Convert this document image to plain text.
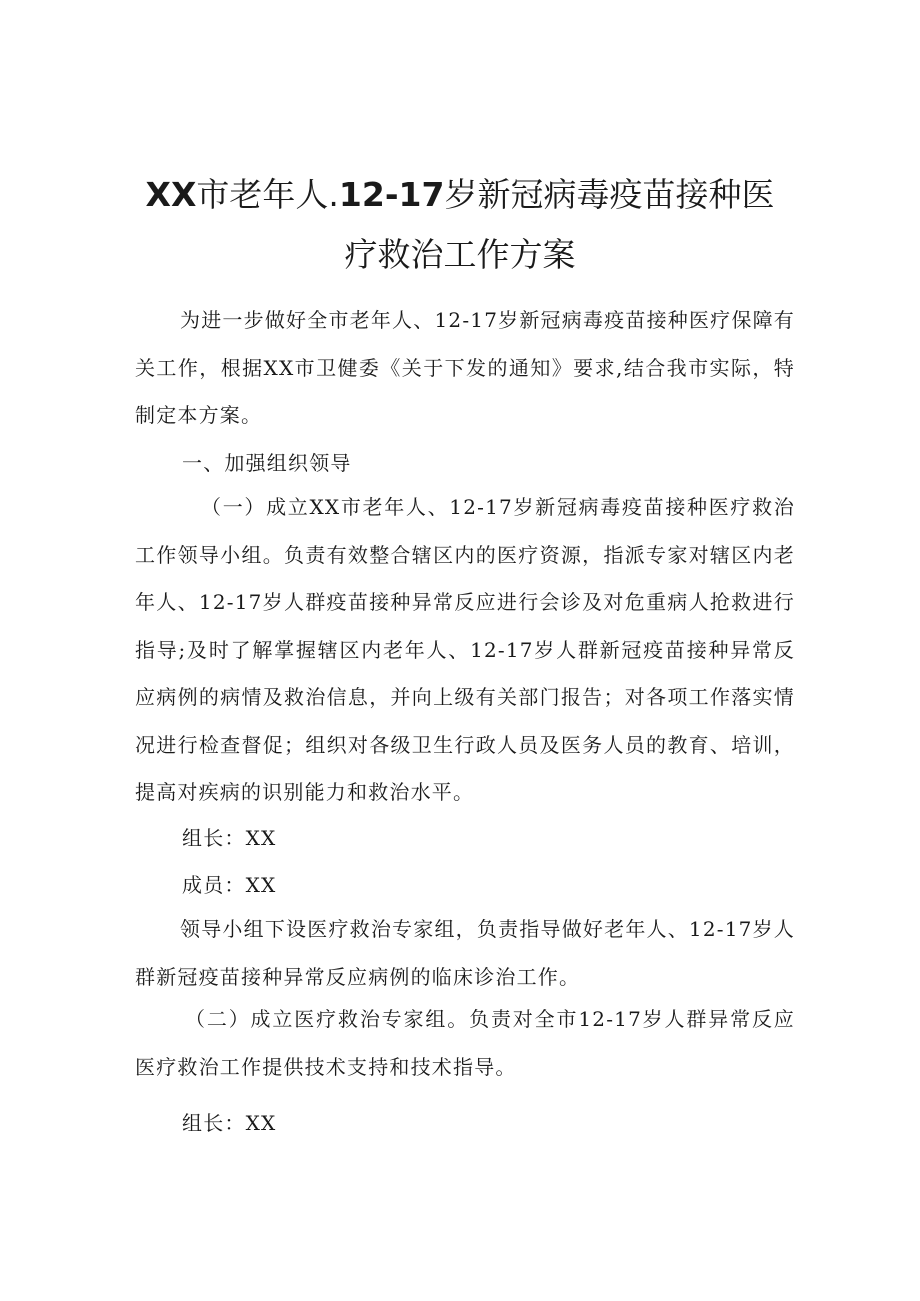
XX市老年人.12-17岁新冠病毒疫苗接种医
疗救治工作方案

为进一步做好全市老年人、12-17岁新冠病毒疫苗接种医疗保障有关工作，根据XX市卫健委《关于下发的通知》要求,结合我市实际，特制定本方案。

一、加强组织领导

（一）成立XX市老年人、12-17岁新冠病毒疫苗接种医疗救治工作领导小组。负责有效整合辖区内的医疗资源，指派专家对辖区内老年人、12-17岁人群疫苗接种异常反应进行会诊及对危重病人抢救进行指导;及时了解掌握辖区内老年人、12-17岁人群新冠疫苗接种异常反应病例的病情及救治信息，并向上级有关部门报告；对各项工作落实情况进行检查督促；组织对各级卫生行政人员及医务人员的教育、培训，提高对疾病的识别能力和救治水平。

组长：XX
成员：XX

领导小组下设医疗救治专家组，负责指导做好老年人、12-17岁人群新冠疫苗接种异常反应病例的临床诊治工作。

（二）成立医疗救治专家组。负责对全市12-17岁人群异常反应医疗救治工作提供技术支持和技术指导。

组长：XX
